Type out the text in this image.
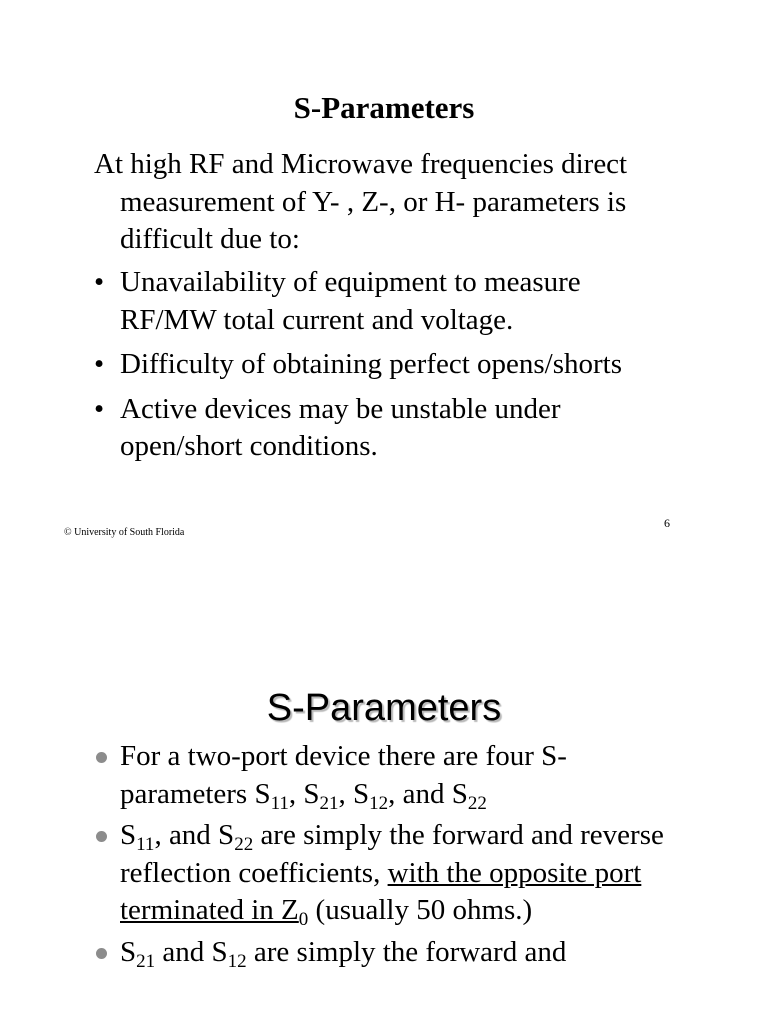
S-Parameters
At high RF and Microwave frequencies direct measurement of Y- , Z-, or H- parameters is difficult due to:
• Unavailability of equipment to measure RF/MW total current and voltage.
• Difficulty of obtaining perfect opens/shorts
• Active devices may be unstable under open/short conditions.
© University of South Florida
6
S-Parameters
For a two-port device there are four S-parameters $S_{11}$, $S_{21}$, $S_{12}$, and $S_{22}$
$S_{11}$, and $S_{22}$ are simply the forward and reverse reflection coefficients, with the opposite port terminated in $Z_0$ (usually 50 ohms.)
$S_{21}$ and $S_{12}$ are simply the forward and
